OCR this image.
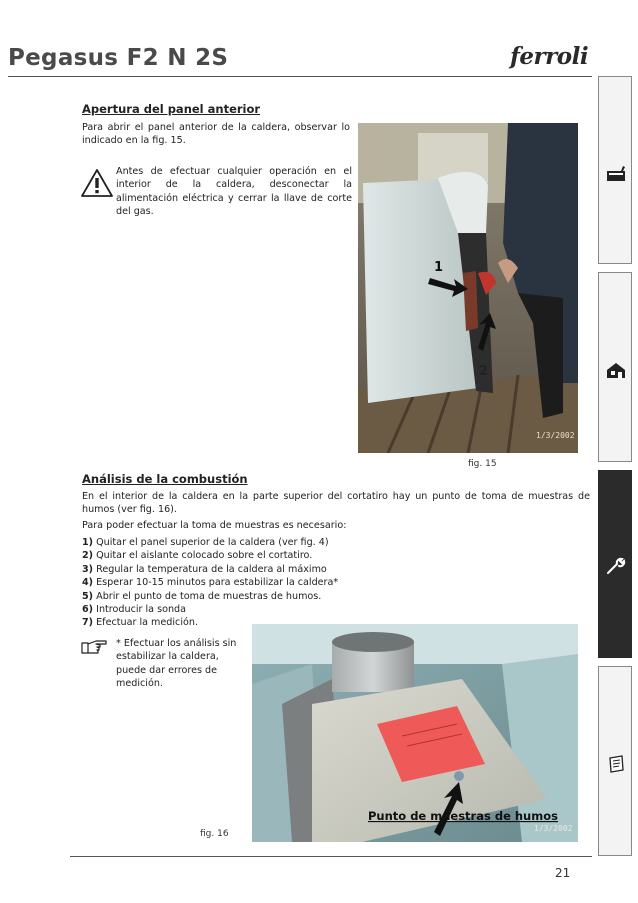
Pegasus F2 N 2S	ferroli
Apertura del panel anterior
Para abrir el panel anterior de la caldera, observar lo indicado en la fig. 15.
Antes de efectuar cualquier operación en el interior de la caldera, desconectar la alimentación eléctrica y cerrar la llave de corte del gas.
1
2
1/3/2002
fig. 15
Análisis de la combustión
En el interior de la caldera en la parte superior del cortatiro hay un punto de toma de muestras de humos (ver fig. 16).
Para poder efectuar la toma de muestras es necesario:
1) Quitar el panel superior de la caldera (ver fig. 4)
2) Quitar el aislante colocado sobre el cortatiro.
3) Regular la temperatura de la caldera al máximo
4) Esperar 10-15 minutos para estabilizar la caldera*
5) Abrir el punto de toma de muestras de humos.
6) Introducir la sonda
7) Efectuar la medición.
* Efectuar los análisis sin estabilizar la caldera, puede dar errores de medición.
Punto de muestras de humos
1/3/2002
fig. 16
21
